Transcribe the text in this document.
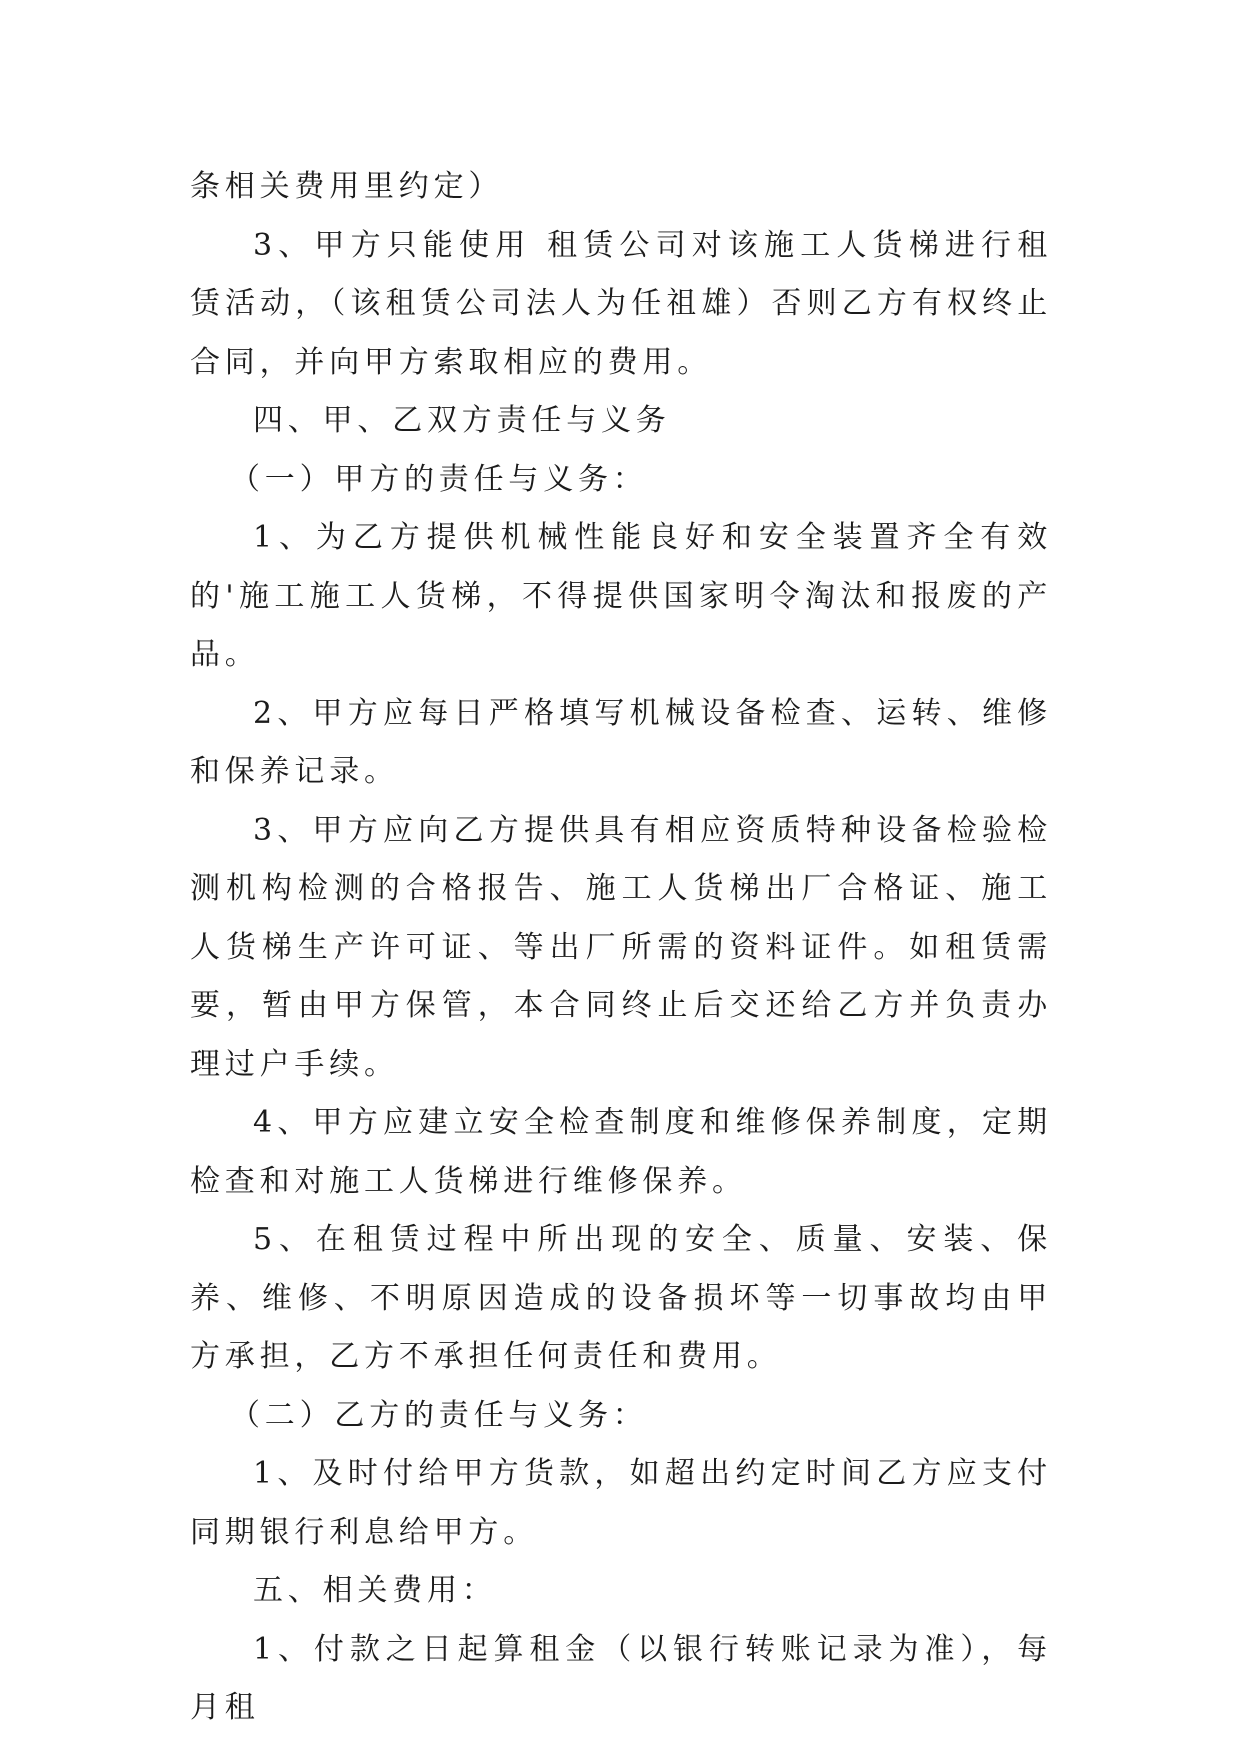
条相关费用里约定）

3、甲方只能使用 租赁公司对该施工人货梯进行租赁活动，（该租赁公司法人为任祖雄）否则乙方有权终止合同，并向甲方索取相应的费用。

四、甲、乙双方责任与义务

（一）甲方的责任与义务：

1、为乙方提供机械性能良好和安全装置齐全有效的'施工施工人货梯，不得提供国家明令淘汰和报废的产品。

2、甲方应每日严格填写机械设备检查、运转、维修和保养记录。

3、甲方应向乙方提供具有相应资质特种设备检验检测机构检测的合格报告、施工人货梯出厂合格证、施工人货梯生产许可证、等出厂所需的资料证件。如租赁需要，暂由甲方保管，本合同终止后交还给乙方并负责办理过户手续。

4、甲方应建立安全检查制度和维修保养制度，定期检查和对施工人货梯进行维修保养。

5、在租赁过程中所出现的安全、质量、安装、保养、维修、不明原因造成的设备损坏等一切事故均由甲方承担，乙方不承担任何责任和费用。

（二）乙方的责任与义务：

1、及时付给甲方货款，如超出约定时间乙方应支付同期银行利息给甲方。

五、相关费用：

1、付款之日起算租金（以银行转账记录为准），每月租
